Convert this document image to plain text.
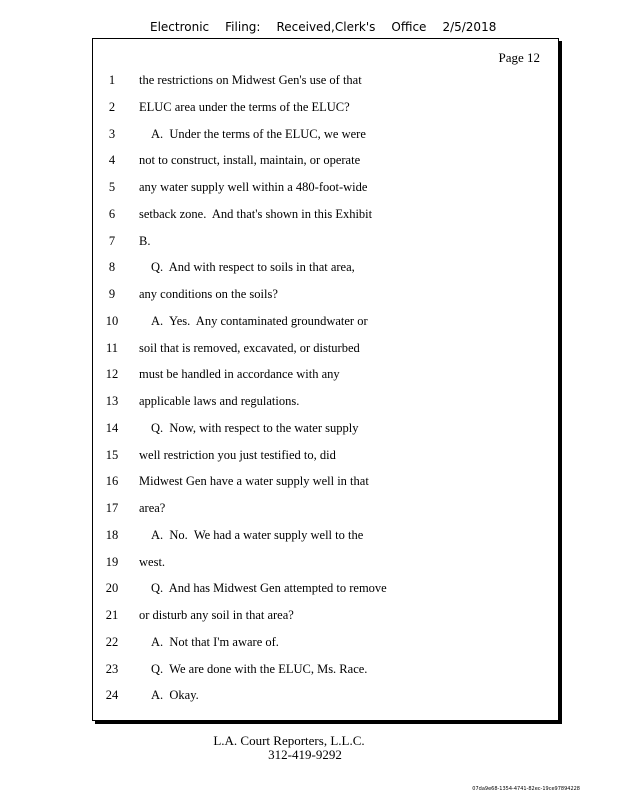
Electronic Filing: Received,Clerk's Office 2/5/2018
Page 12
1	the restrictions on Midwest Gen's use of that
2	ELUC area under the terms of the ELUC?
3	A.  Under the terms of the ELUC, we were
4	not to construct, install, maintain, or operate
5	any water supply well within a 480-foot-wide
6	setback zone.  And that's shown in this Exhibit
7	B.
8	Q.  And with respect to soils in that area,
9	any conditions on the soils?
10	A.  Yes.  Any contaminated groundwater or
11	soil that is removed, excavated, or disturbed
12	must be handled in accordance with any
13	applicable laws and regulations.
14	Q.  Now, with respect to the water supply
15	well restriction you just testified to, did
16	Midwest Gen have a water supply well in that
17	area?
18	A.  No.  We had a water supply well to the
19	west.
20	Q.  And has Midwest Gen attempted to remove
21	or disturb any soil in that area?
22	A.  Not that I'm aware of.
23	Q.  We are done with the ELUC, Ms. Race.
24	A.  Okay.
L.A. Court Reporters, L.L.C.
312-419-9292
07da9e68-1354-4741-82ec-19ce97894228
